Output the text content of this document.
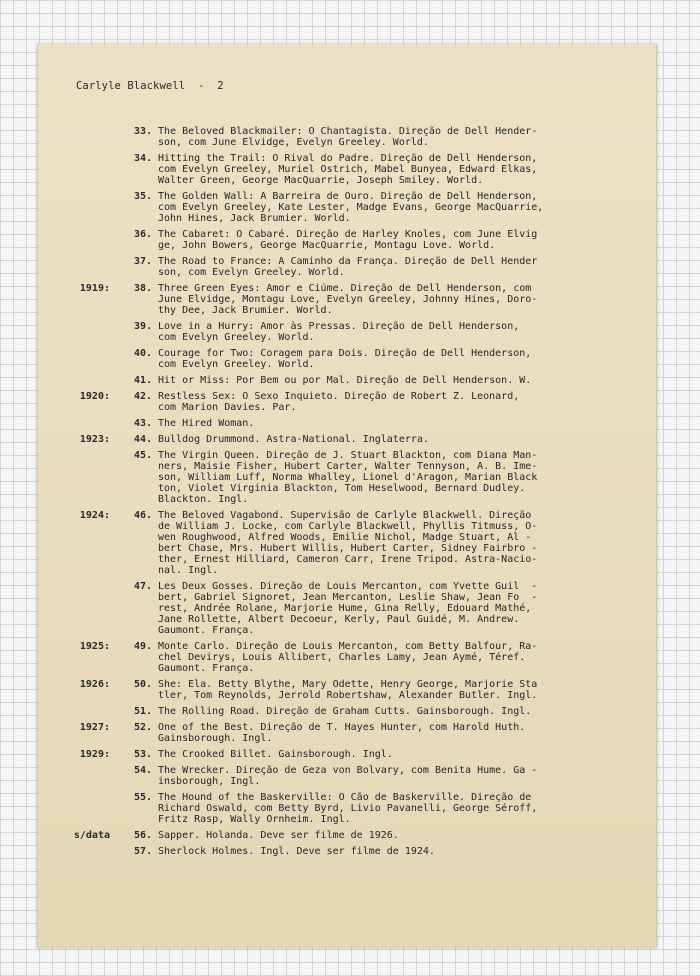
Carlyle Blackwell  -  2
33. The Beloved Blackmailer: O Chantagista. Direção de Dell Hender-
son, com June Elvidge, Evelyn Greeley. World.
34. Hitting the Trail: O Rival do Padre. Direção de Dell Henderson,
com Evelyn Greeley, Muriel Ostrich, Mabel Bunyea, Edward Elkas,
Walter Green, George MacQuarrie, Joseph Smiley. World.
35. The Golden Wall: A Barreira de Ouro. Direção de Dell Henderson,
com Evelyn Greeley, Kate Lester, Madge Evans, George MacQuarrie,
John Hines, Jack Brumier. World.
36. The Cabaret: O Cabaré. Direção de Harley Knoles, com June Elvig
ge, John Bowers, George MacQuarrie, Montagu Love. World.
37. The Road to France: A Caminho da França. Direção de Dell Hender
son, com Evelyn Greeley. World.
1919:	38. Three Green Eyes: Amor e Ciúme. Direção de Dell Henderson, com
June Elvidge, Montagu Love, Evelyn Greeley, Johnny Hines, Doro-
thy Dee, Jack Brumier. World.
39. Love in a Hurry: Amor às Pressas. Direção de Dell Henderson,
com Evelyn Greeley. World.
40. Courage for Two: Coragem para Dois. Direção de Dell Henderson,
com Evelyn Greeley. World.
41. Hit or Miss: Por Bem ou por Mal. Direção de Dell Henderson. W.
1920:	42. Restless Sex: O Sexo Inquieto. Direção de Robert Z. Leonard,
com Marion Davies. Par.
43. The Hired Woman.
1923:	44. Bulldog Drummond. Astra-National. Inglaterra.
45. The Virgin Queen. Direção de J. Stuart Blackton, com Diana Man-
ners, Maisie Fisher, Hubert Carter, Walter Tennyson, A. B. Ime-
son, William Luff, Norma Whalley, Lionel d'Aragon, Marian Black
ton, Violet Virginia Blackton, Tom Heselwood, Bernard Dudley.
Blackton. Ingl.
1924:	46. The Beloved Vagabond. Supervisão de Carlyle Blackwell. Direção
de William J. Locke, com Carlyle Blackwell, Phyllis Titmuss, O-
wen Roughwood, Alfred Woods, Emilie Nichol, Madge Stuart, Al -
bert Chase, Mrs. Hubert Willis, Hubert Carter, Sidney Fairbro -
ther, Ernest Hilliard, Cameron Carr, Irene Tripod. Astra-Nacio-
nal. Ingl.
47. Les Deux Gosses. Direção de Louis Mercanton, com Yvette Guil  -
bert, Gabriel Signoret, Jean Mercanton, Leslie Shaw, Jean Fo  -
rest, Andrée Rolane, Marjorie Hume, Gina Relly, Édouard Mathé,
Jane Rollette, Albert Decoeur, Kerly, Paul Guidé, M. Andrew.
Gaumont. França.
1925:	49. Monte Carlo. Direção de Louis Mercanton, com Betty Balfour, Ra-
chel Devirys, Louis Allibert, Charles Lamy, Jean Aymé, Téref.
Gaumont. França.
1926:	50. She: Ela. Betty Blythe, Mary Odette, Henry George, Marjorie Sta
tler, Tom Reynolds, Jerrold Robertshaw, Alexander Butler. Ingl.
51. The Rolling Road. Direção de Graham Cutts. Gainsborough. Ingl.
1927:	52. One of the Best. Direção de T. Hayes Hunter, com Harold Huth.
Gainsborough. Ingl.
1929:	53. The Crooked Billet. Gainsborough. Ingl.
54. The Wrecker. Direção de Geza von Bolvary, com Benita Hume. Ga -
insborough, Ingl.
55. The Hound of the Baskerville: O Cão de Baskerville. Direção de
Richard Oswald, com Betty Byrd, Livio Pavanelli, George Séroff,
Fritz Rasp, Wally Ornheim. Ingl.
s/data	56. Sapper. Holanda. Deve ser filme de 1926.
57. Sherlock Holmes. Ingl. Deve ser filme de 1924.
